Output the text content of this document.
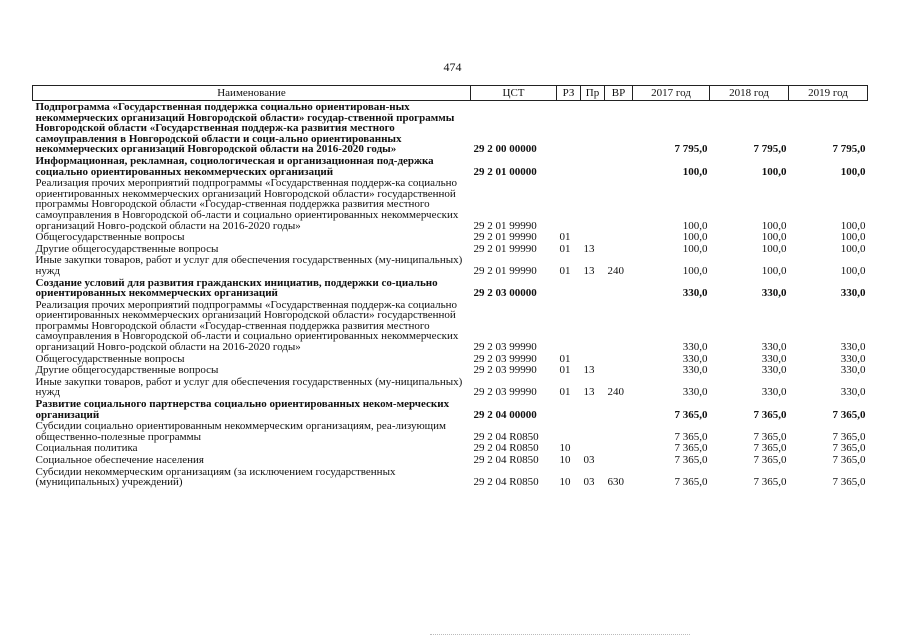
474
Наименование	ЦСТ	РЗ	Пр	ВР	2017 год	2018 год	2019 год
Подпрограмма «Государственная поддержка социально ориентирован-ных некоммерческих организаций Новгородской области» государ-ственной программы Новгородской области «Государственная поддерж-ка развития местного самоуправления в Новгородской области и соци-ально ориентированных некоммерческих организаций Новгородской области на 2016-2020 годы»	29 2 00 00000				7 795,0	7 795,0	7 795,0
Информационная, рекламная, социологическая и организационная под-держка социально ориентированных некоммерческих организаций	29 2 01 00000				100,0	100,0	100,0
Реализация прочих мероприятий подпрограммы «Государственная поддерж-ка социально ориентированных некоммерческих организаций Новгородской области» государственной программы Новгородской области «Государ-ственная поддержка развития местного самоуправления в Новгородской об-ласти и социально ориентированных некоммерческих организаций Новго-родской области на 2016-2020 годы»	29 2 01 99990				100,0	100,0	100,0
Общегосударственные вопросы	29 2 01 99990	01			100,0	100,0	100,0
Другие общегосударственные вопросы	29 2 01 99990	01	13		100,0	100,0	100,0
Иные закупки товаров, работ и услуг для обеспечения государственных (му-ниципальных) нужд	29 2 01 99990	01	13	240	100,0	100,0	100,0
Создание условий для развития гражданских инициатив, поддержки со-циально ориентированных некоммерческих организаций	29 2 03 00000				330,0	330,0	330,0
Реализация прочих мероприятий подпрограммы «Государственная поддерж-ка социально ориентированных некоммерческих организаций Новгородской области» государственной программы Новгородской области «Государ-ственная поддержка развития местного самоуправления в Новгородской об-ласти и социально ориентированных некоммерческих организаций Новго-родской области на 2016-2020 годы»	29 2 03 99990				330,0	330,0	330,0
Общегосударственные вопросы	29 2 03 99990	01			330,0	330,0	330,0
Другие общегосударственные вопросы	29 2 03 99990	01	13		330,0	330,0	330,0
Иные закупки товаров, работ и услуг для обеспечения государственных (му-ниципальных) нужд	29 2 03 99990	01	13	240	330,0	330,0	330,0
Развитие социального партнерства социально ориентированных неком-мерческих организаций	29 2 04 00000				7 365,0	7 365,0	7 365,0
Субсидии социально ориентированным некоммерческим организациям, реа-лизующим общественно-полезные программы	29 2 04 R0850				7 365,0	7 365,0	7 365,0
Социальная политика	29 2 04 R0850	10			7 365,0	7 365,0	7 365,0
Социальное обеспечение населения	29 2 04 R0850	10	03		7 365,0	7 365,0	7 365,0
Субсидии некоммерческим организациям (за исключением государственных (муниципальных) учреждений)	29 2 04 R0850	10	03	630	7 365,0	7 365,0	7 365,0
